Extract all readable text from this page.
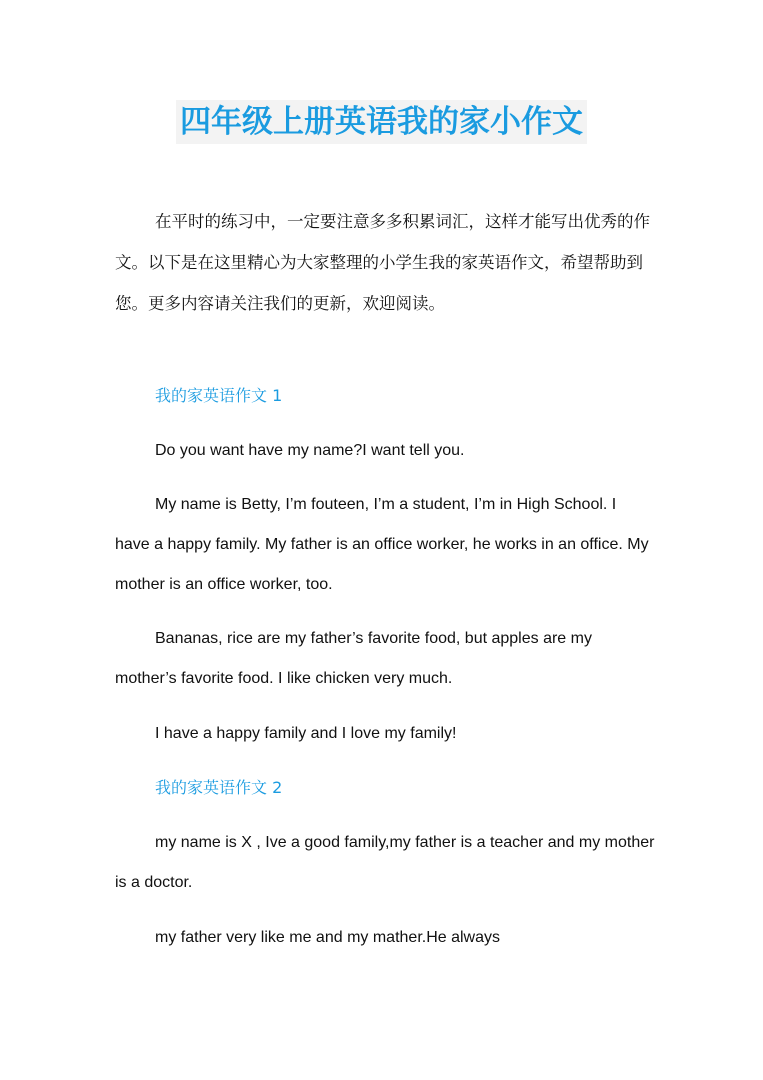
四年级上册英语我的家小作文

在平时的练习中，一定要注意多多积累词汇，这样才能写出优秀的作文。以下是在这里精心为大家整理的小学生我的家英语作文，希望帮助到您。更多内容请关注我们的更新，欢迎阅读。

我的家英语作文 1

Do you want have my name?I want tell you.

My name is Betty, I’m fouteen, I’m a student, I’m in High School. I have a happy family. My father is an office worker, he works in an office. My mother is an office worker, too.

Bananas, rice are my father’s favorite food, but apples are my mother’s favorite food. I like chicken very much.

I have a happy family and I love my family!

我的家英语作文 2

my name is X , Ive a good family,my father is a teacher and my mother is a doctor.

my father very like me and my mather.He always
